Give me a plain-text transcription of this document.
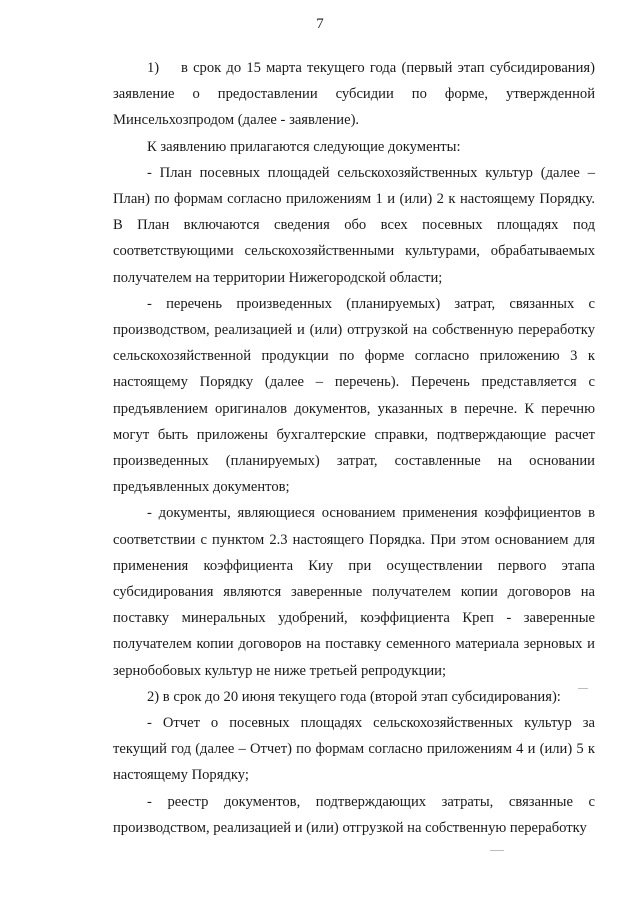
7

1) в срок до 15 марта текущего года (первый этап субсидирования) заявление о предоставлении субсидии по форме, утвержденной Минсельхозпродом (далее - заявление).

К заявлению прилагаются следующие документы:

- План посевных площадей сельскохозяйственных культур (далее – План) по формам согласно приложениям 1 и (или) 2 к настоящему Порядку. В План включаются сведения обо всех посевных площадях под соответствующими сельскохозяйственными культурами, обрабатываемых получателем на территории Нижегородской области;

- перечень произведенных (планируемых) затрат, связанных с производством, реализацией и (или) отгрузкой на собственную переработку сельскохозяйственной продукции по форме согласно приложению 3 к настоящему Порядку (далее – перечень). Перечень представляется с предъявлением оригиналов документов, указанных в перечне. К перечню могут быть приложены бухгалтерские справки, подтверждающие расчет произведенных (планируемых) затрат, составленные на основании предъявленных документов;

- документы, являющиеся основанием применения коэффициентов в соответствии с пунктом 2.3 настоящего Порядка. При этом основанием для применения коэффициента Киу при осуществлении первого этапа субсидирования являются заверенные получателем копии договоров на поставку минеральных удобрений, коэффициента Креп - заверенные получателем копии договоров на поставку семенного материала зерновых и зернобобовых культур не ниже третьей репродукции;

2) в срок до 20 июня текущего года (второй этап субсидирования):

- Отчет о посевных площадях сельскохозяйственных культур за текущий год (далее – Отчет) по формам согласно приложениям 4 и (или) 5 к настоящему Порядку;

- реестр документов, подтверждающих затраты, связанные с производством, реализацией и (или) отгрузкой на собственную переработку
